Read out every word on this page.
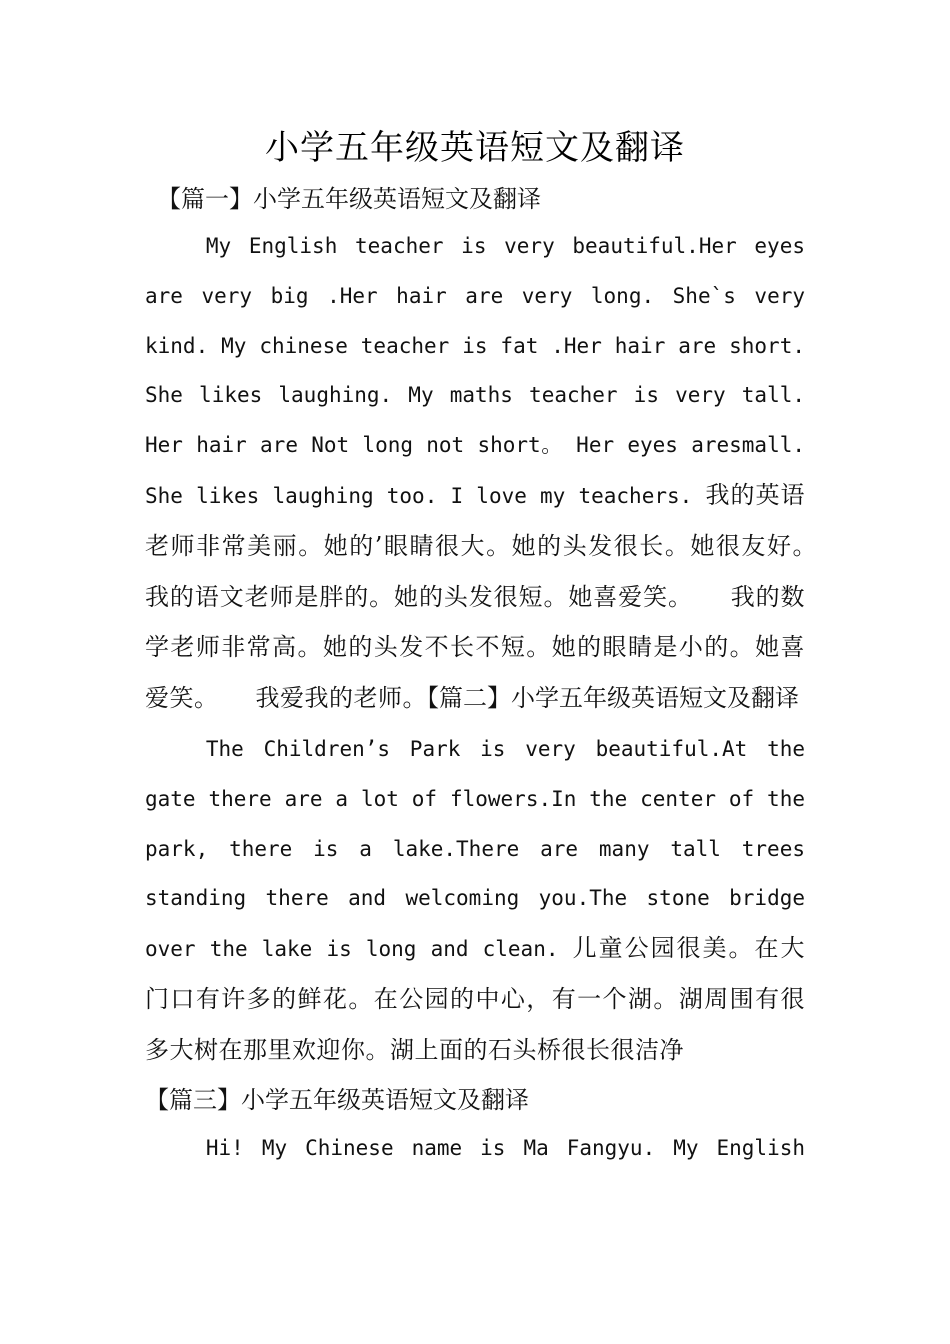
小学五年级英语短文及翻译
【篇一】小学五年级英语短文及翻译

My English teacher is very beautiful.Her eyes are very big .Her hair are very long. She`s very kind. My chinese teacher is fat .Her hair are short. She likes laughing. My maths teacher is very tall. Her hair are Not long not short。 Her eyes aresmall. She likes laughing too. I love my teachers. 我的英语老师非常美丽。她的’眼睛很大。她的头发很长。她很友好。　　我的语文老师是胖的。她的头发很短。她喜爱笑。　　我的数学老师非常高。她的头发不长不短。她的眼睛是小的。她喜爱笑。　　我爱我的老师。【篇二】小学五年级英语短文及翻译

The Children’s Park is very beautiful.At the gate there are a lot of flowers.In the center of the park, there is a lake.There are many tall trees standing there and welcoming you.The stone bridge over the lake is long and clean. 儿童公园很美。在大门口有许多的鲜花。在公园的中心，有一个湖。湖周围有很多大树在那里欢迎你。湖上面的石头桥很长很洁净

【篇三】小学五年级英语短文及翻译

Hi! My Chinese name is Ma Fangyu. My English
